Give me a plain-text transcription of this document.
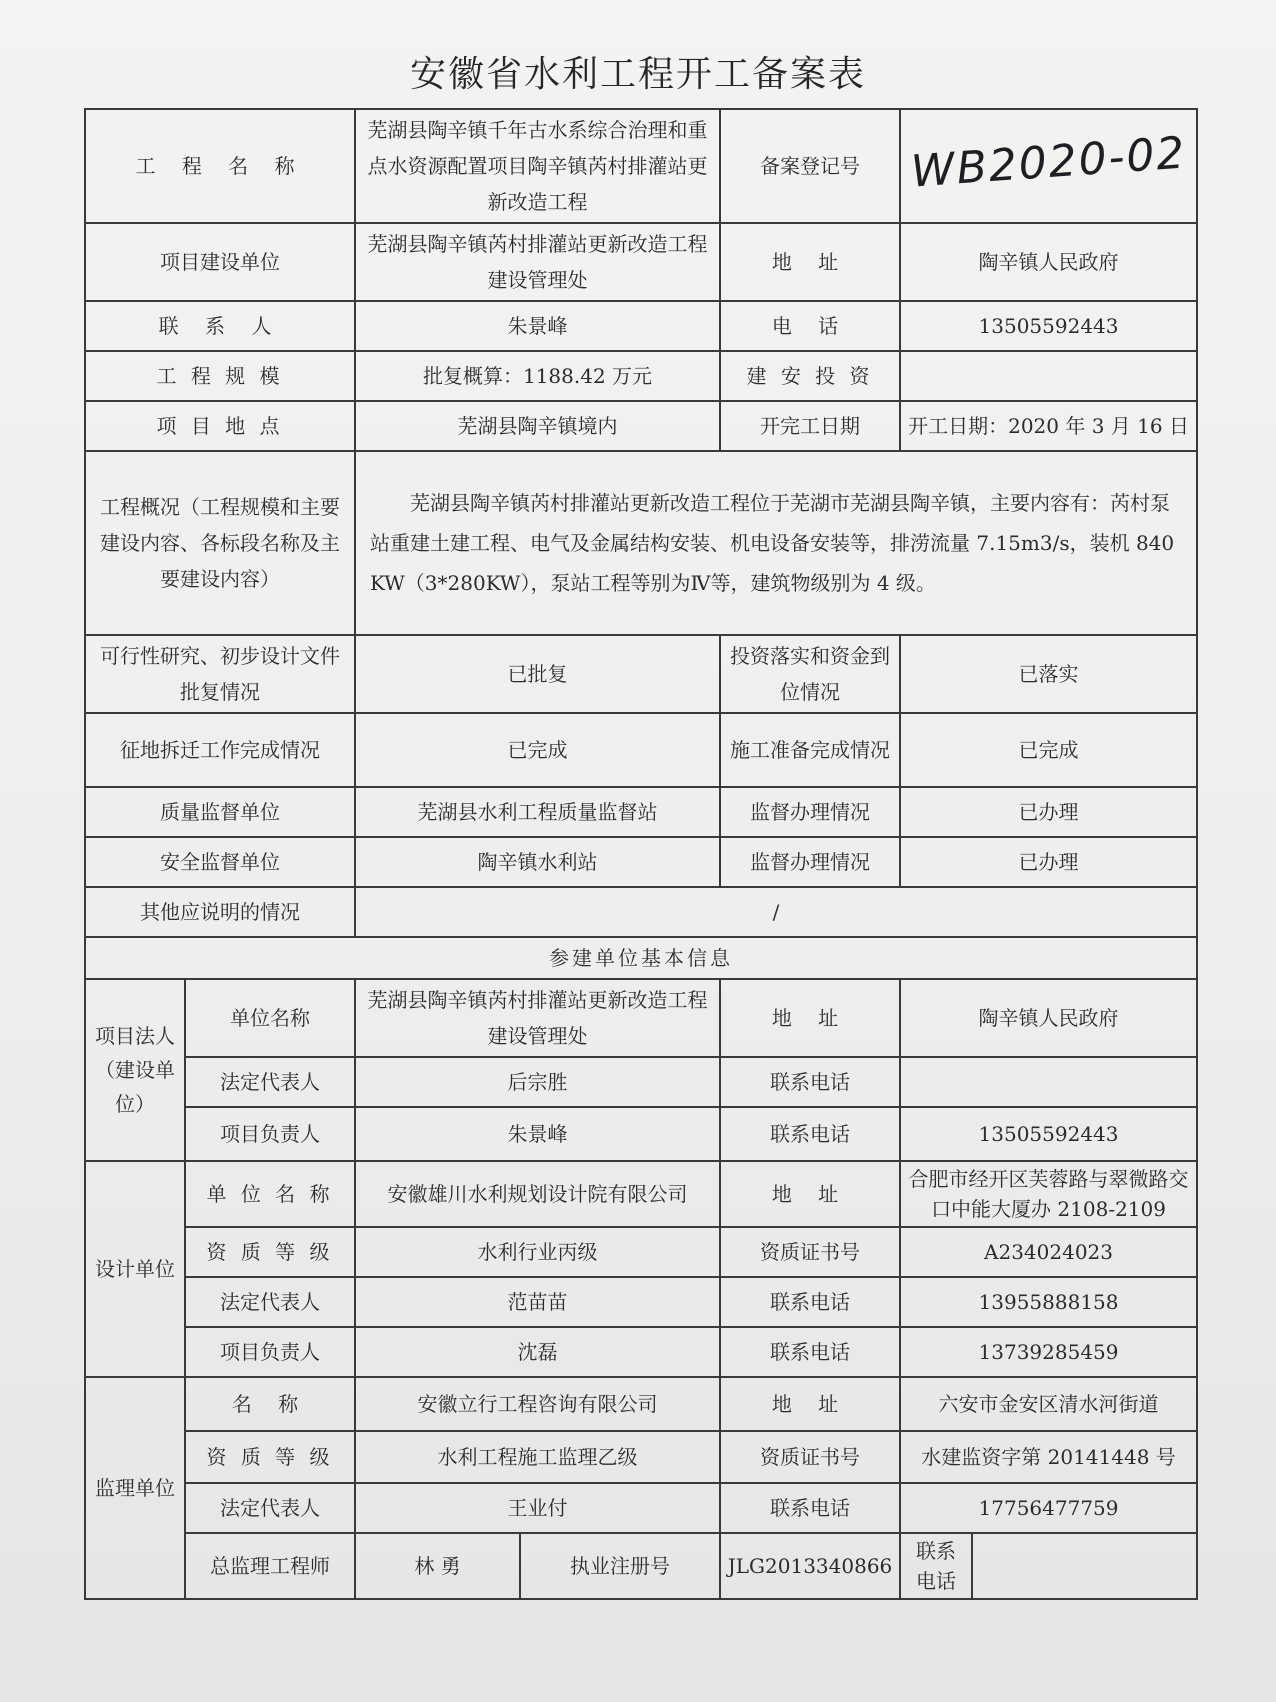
安徽省水利工程开工备案表
工 程 名 称		芜湖县陶辛镇千年古水系综合治理和重点水资源配置项目陶辛镇芮村排灌站更新改造工程		备案登记号	WB2020-02	
项目建设单位		芜湖县陶辛镇芮村排灌站更新改造工程建设管理处		地 址	陶辛镇人民政府	
联 系 人		朱景峰		电 话	13505592443	
工 程 规 模		批复概算：1188.42 万元		建 安 投 资		
项 目 地 点		芜湖县陶辛镇境内		开完工日期	开工日期：2020 年 3 月 16 日	
工程概况（工程规模和主要建设内容、各标段名称及主要建设内容）		芜湖县陶辛镇芮村排灌站更新改造工程位于芜湖市芜湖县陶辛镇，主要内容有：芮村泵站重建土建工程、电气及金属结构安装、机电设备安装等，排涝流量 7.15m3/s，装机 840KW（3*280KW），泵站工程等别为Ⅳ等，建筑物级别为 4 级。				
可行性研究、初步设计文件批复情况		已批复		投资落实和资金到位情况	已落实	
征地拆迁工作完成情况		已完成		施工准备完成情况	已完成	
质量监督单位		芜湖县水利工程质量监督站		监督办理情况	已办理	
安全监督单位		陶辛镇水利站		监督办理情况	已办理	
其他应说明的情况		/				
参建单位基本信息						
项目法人（建设单位）	单位名称	芜湖县陶辛镇芮村排灌站更新改造工程建设管理处		地 址	陶辛镇人民政府	
	法定代表人	后宗胜		联系电话		
	项目负责人	朱景峰		联系电话	13505592443	
设计单位	单 位 名 称	安徽雄川水利规划设计院有限公司		地 址	合肥市经开区芙蓉路与翠微路交口中能大厦办 2108-2109	
	资 质 等 级	水利行业丙级		资质证书号	A234024023	
	法定代表人	范苗苗		联系电话	13955888158	
	项目负责人	沈磊		联系电话	13739285459	
监理单位	名 称	安徽立行工程咨询有限公司		地 址	六安市金安区清水河街道	
	资 质 等 级	水利工程施工监理乙级		资质证书号	水建监资字第 20141448 号	
	法定代表人	王业付		联系电话	17756477759	
	总监理工程师	林 勇	执业注册号	JLG2013340866	联系电话	
